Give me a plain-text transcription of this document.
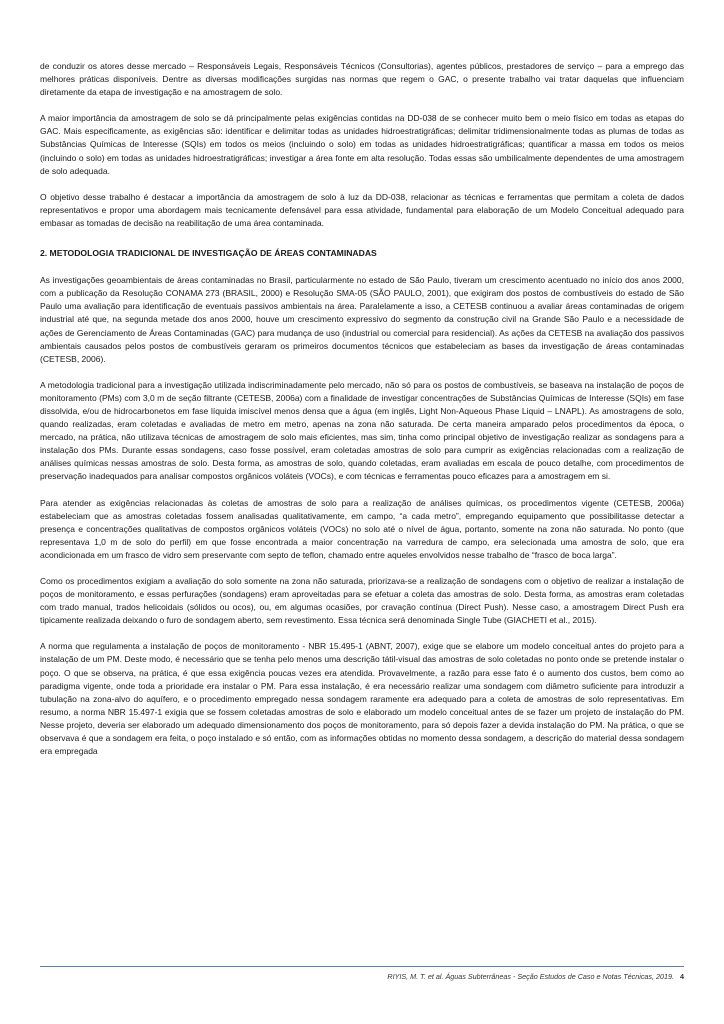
de conduzir os atores desse mercado – Responsáveis Legais, Responsáveis Técnicos (Consultorias), agentes públicos, prestadores de serviço – para a emprego das melhores práticas disponíveis. Dentre as diversas modificações surgidas nas normas que regem o GAC, o presente trabalho vai tratar daquelas que influenciam diretamente da etapa de investigação e na amostragem de solo.

A maior importância da amostragem de solo se dá principalmente pelas exigências contidas na DD-038 de se conhecer muito bem o meio físico em todas as etapas do GAC. Mais especificamente, as exigências são: identificar e delimitar todas as unidades hidroestratigráficas; delimitar tridimensionalmente todas as plumas de todas as Substâncias Químicas de Interesse (SQIs) em todos os meios (incluindo o solo) em todas as unidades hidroestratigráficas; quantificar a massa em todos os meios (incluindo o solo) em todas as unidades hidroestratigráficas; investigar a área fonte em alta resolução. Todas essas são umbilicalmente dependentes de uma amostragem de solo adequada.

O objetivo desse trabalho é destacar a importância da amostragem de solo à luz da DD-038, relacionar as técnicas e ferramentas que permitam a coleta de dados representativos e propor uma abordagem mais tecnicamente defensável para essa atividade, fundamental para elaboração de um Modelo Conceitual adequado para embasar as tomadas de decisão na reabilitação de uma área contaminada.

2. METODOLOGIA TRADICIONAL DE INVESTIGAÇÃO DE ÁREAS CONTAMINADAS

As investigações geoambientais de áreas contaminadas no Brasil, particularmente no estado de São Paulo, tiveram um crescimento acentuado no início dos anos 2000, com a publicação da Resolução CONAMA 273 (BRASIL, 2000) e Resolução SMA-05 (SÃO PAULO, 2001), que exigiram dos postos de combustíveis do estado de São Paulo uma avaliação para identificação de eventuais passivos ambientais na área. Paralelamente a isso, a CETESB continuou a avaliar áreas contaminadas de origem industrial até que, na segunda metade dos anos 2000, houve um crescimento expressivo do segmento da construção civil na Grande São Paulo e a necessidade de ações de Gerenciamento de Áreas Contaminadas (GAC) para mudança de uso (industrial ou comercial para residencial). As ações da CETESB na avaliação dos passivos ambientais causados pelos postos de combustíveis geraram os primeiros documentos técnicos que estabeleciam as bases da investigação de áreas contaminadas (CETESB, 2006).

A metodologia tradicional para a investigação utilizada indiscriminadamente pelo mercado, não só para os postos de combustíveis, se baseava na instalação de poços de monitoramento (PMs) com 3,0 m de seção filtrante (CETESB, 2006a) com a finalidade de investigar concentrações de Substâncias Químicas de Interesse (SQIs) em fase dissolvida, e/ou de hidrocarbonetos em fase líquida imiscível menos densa que a água (em inglês, Light Non-Aqueous Phase Liquid – LNAPL). As amostragens de solo, quando realizadas, eram coletadas e avaliadas de metro em metro, apenas na zona não saturada. De certa maneira amparado pelos procedimentos da época, o mercado, na prática, não utilizava técnicas de amostragem de solo mais eficientes, mas sim, tinha como principal objetivo de investigação realizar as sondagens para a instalação dos PMs. Durante essas sondagens, caso fosse possível, eram coletadas amostras de solo para cumprir as exigências relacionadas com a realização de análises químicas nessas amostras de solo. Desta forma, as amostras de solo, quando coletadas, eram avaliadas em escala de pouco detalhe, com procedimentos de preservação inadequados para analisar compostos orgânicos voláteis (VOCs), e com técnicas e ferramentas pouco eficazes para a amostragem em si.

Para atender as exigências relacionadas às coletas de amostras de solo para a realização de análises químicas, os procedimentos vigente (CETESB, 2006a) estabeleciam que as amostras coletadas fossem analisadas qualitativamente, em campo, “a cada metro”, empregando equipamento que possibilitasse detectar a presença e concentrações qualitativas de compostos orgânicos voláteis (VOCs) no solo até o nível de água, portanto, somente na zona não saturada. No ponto (que representava 1,0 m de solo do perfil) em que fosse encontrada a maior concentração na varredura de campo, era selecionada uma amostra de solo, que era acondicionada em um frasco de vidro sem preservante com septo de teflon, chamado entre aqueles envolvidos nesse trabalho de “frasco de boca larga”.

Como os procedimentos exigiam a avaliação do solo somente na zona não saturada, priorizava-se a realização de sondagens com o objetivo de realizar a instalação de poços de monitoramento, e essas perfurações (sondagens) eram aproveitadas para se efetuar a coleta das amostras de solo. Desta forma, as amostras eram coletadas com trado manual, trados helicoidais (sólidos ou ocos), ou, em algumas ocasiões, por cravação contínua (Direct Push). Nesse caso, a amostragem Direct Push era tipicamente realizada deixando o furo de sondagem aberto, sem revestimento. Essa técnica será denominada Single Tube (GIACHETI et al., 2015).

A norma que regulamenta a instalação de poços de monitoramento - NBR 15.495-1 (ABNT, 2007), exige que se elabore um modelo conceitual antes do projeto para a instalação de um PM. Deste modo, é necessário que se tenha pelo menos uma descrição tátil-visual das amostras de solo coletadas no ponto onde se pretende instalar o poço. O que se observa, na prática, é que essa exigência poucas vezes era atendida. Provavelmente, a razão para esse fato é o aumento dos custos, bem como ao paradigma vigente, onde toda a prioridade era instalar o PM. Para essa instalação, é era necessário realizar uma sondagem com diâmetro suficiente para introduzir a tubulação na zona-alvo do aquífero, e o procedimento empregado nessa sondagem raramente era adequado para a coleta de amostras de solo representativas. Em resumo, a norma NBR 15.497-1 exigia que se fossem coletadas amostras de solo e elaborado um modelo conceitual antes de se fazer um projeto de instalação do PM. Nesse projeto, deveria ser elaborado um adequado dimensionamento dos poços de monitoramento, para só depois fazer a devida instalação do PM. Na prática, o que se observava é que a sondagem era feita, o poço instalado e só então, com as informações obtidas no momento dessa sondagem, a descrição do material dessa sondagem era empregada

RIYIS, M. T. et al. Águas Subterrâneas - Seção Estudos de Caso e Notas Técnicas, 2019. 4
